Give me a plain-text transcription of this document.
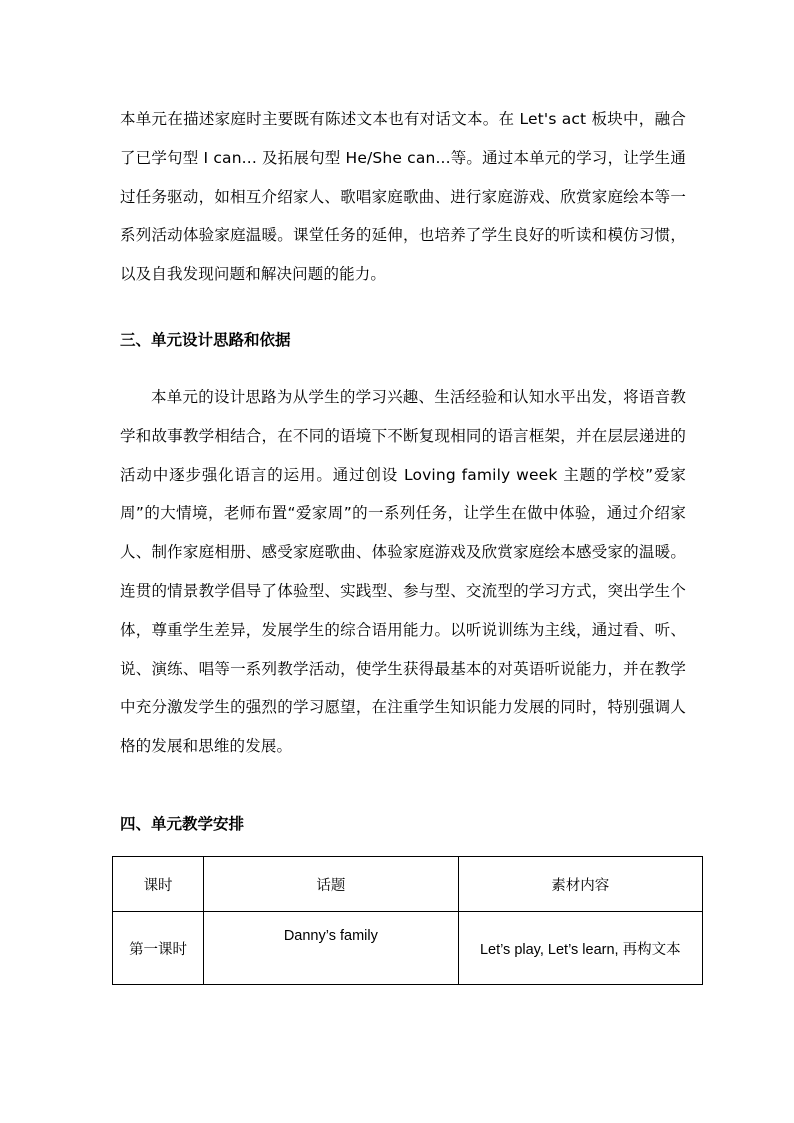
本单元在描述家庭时主要既有陈述文本也有对话文本。在 Let's act 板块中，融合了已学句型 I can... 及拓展句型 He/She can...等。通过本单元的学习，让学生通过任务驱动，如相互介绍家人、歌唱家庭歌曲、进行家庭游戏、欣赏家庭绘本等一系列活动体验家庭温暖。课堂任务的延伸，也培养了学生良好的听读和模仿习惯，以及自我发现问题和解决问题的能力。

三、单元设计思路和依据

本单元的设计思路为从学生的学习兴趣、生活经验和认知水平出发，将语音教学和故事教学相结合，在不同的语境下不断复现相同的语言框架，并在层层递进的活动中逐步强化语言的运用。通过创设 Loving family week 主题的学校”爱家周”的大情境，老师布置“爱家周”的一系列任务，让学生在做中体验，通过介绍家人、制作家庭相册、感受家庭歌曲、体验家庭游戏及欣赏家庭绘本感受家的温暖。连贯的情景教学倡导了体验型、实践型、参与型、交流型的学习方式，突出学生个体，尊重学生差异，发展学生的综合语用能力。以听说训练为主线，通过看、听、说、演练、唱等一系列教学活动，使学生获得最基本的对英语听说能力，并在教学中充分激发学生的强烈的学习愿望，在注重学生知识能力发展的同时，特别强调人格的发展和思维的发展。

四、单元教学安排
课时	话题	素材内容
第一课时	Danny’s family	Let’s play, Let’s learn, 再构文本
